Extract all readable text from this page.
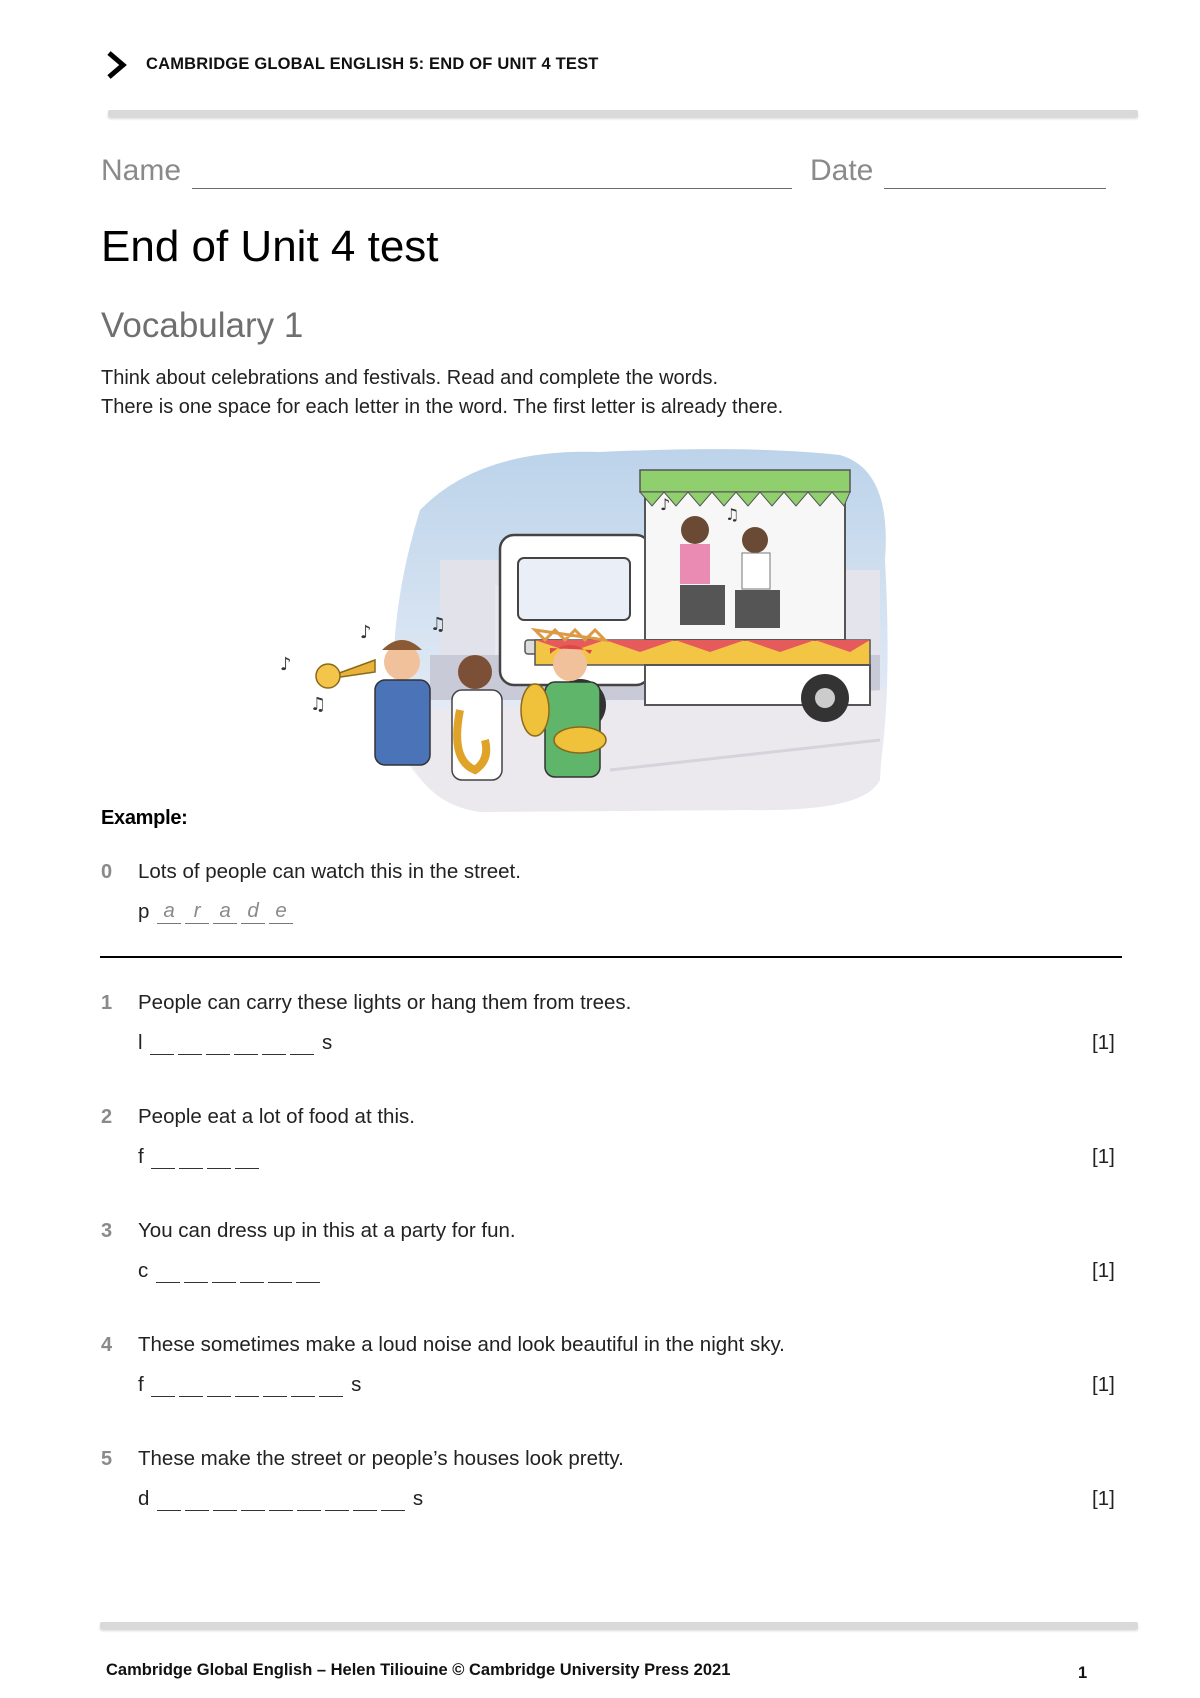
CAMBRIDGE GLOBAL ENGLISH 5: END OF UNIT 4 TEST
Name	Date
End of Unit 4 test
Vocabulary 1
Think about celebrations and festivals. Read and complete the words.
There is one space for each letter in the word. The first letter is already there.
♪
♫
♪	♫
♪
♫
Example:
0 Lots of people can watch this in the street.
p a r a d e
1 People can carry these lights or hang them from trees.
l	s	[1]
2 People eat a lot of food at this.
f	[1]
3 You can dress up in this at a party for fun.
c	[1]
4 These sometimes make a loud noise and look beautiful in the night sky.
f	s	[1]
5 These make the street or people’s houses look pretty.
d	s	[1]
Cambridge Global English – Helen Tiliouine © Cambridge University Press 2021	1
